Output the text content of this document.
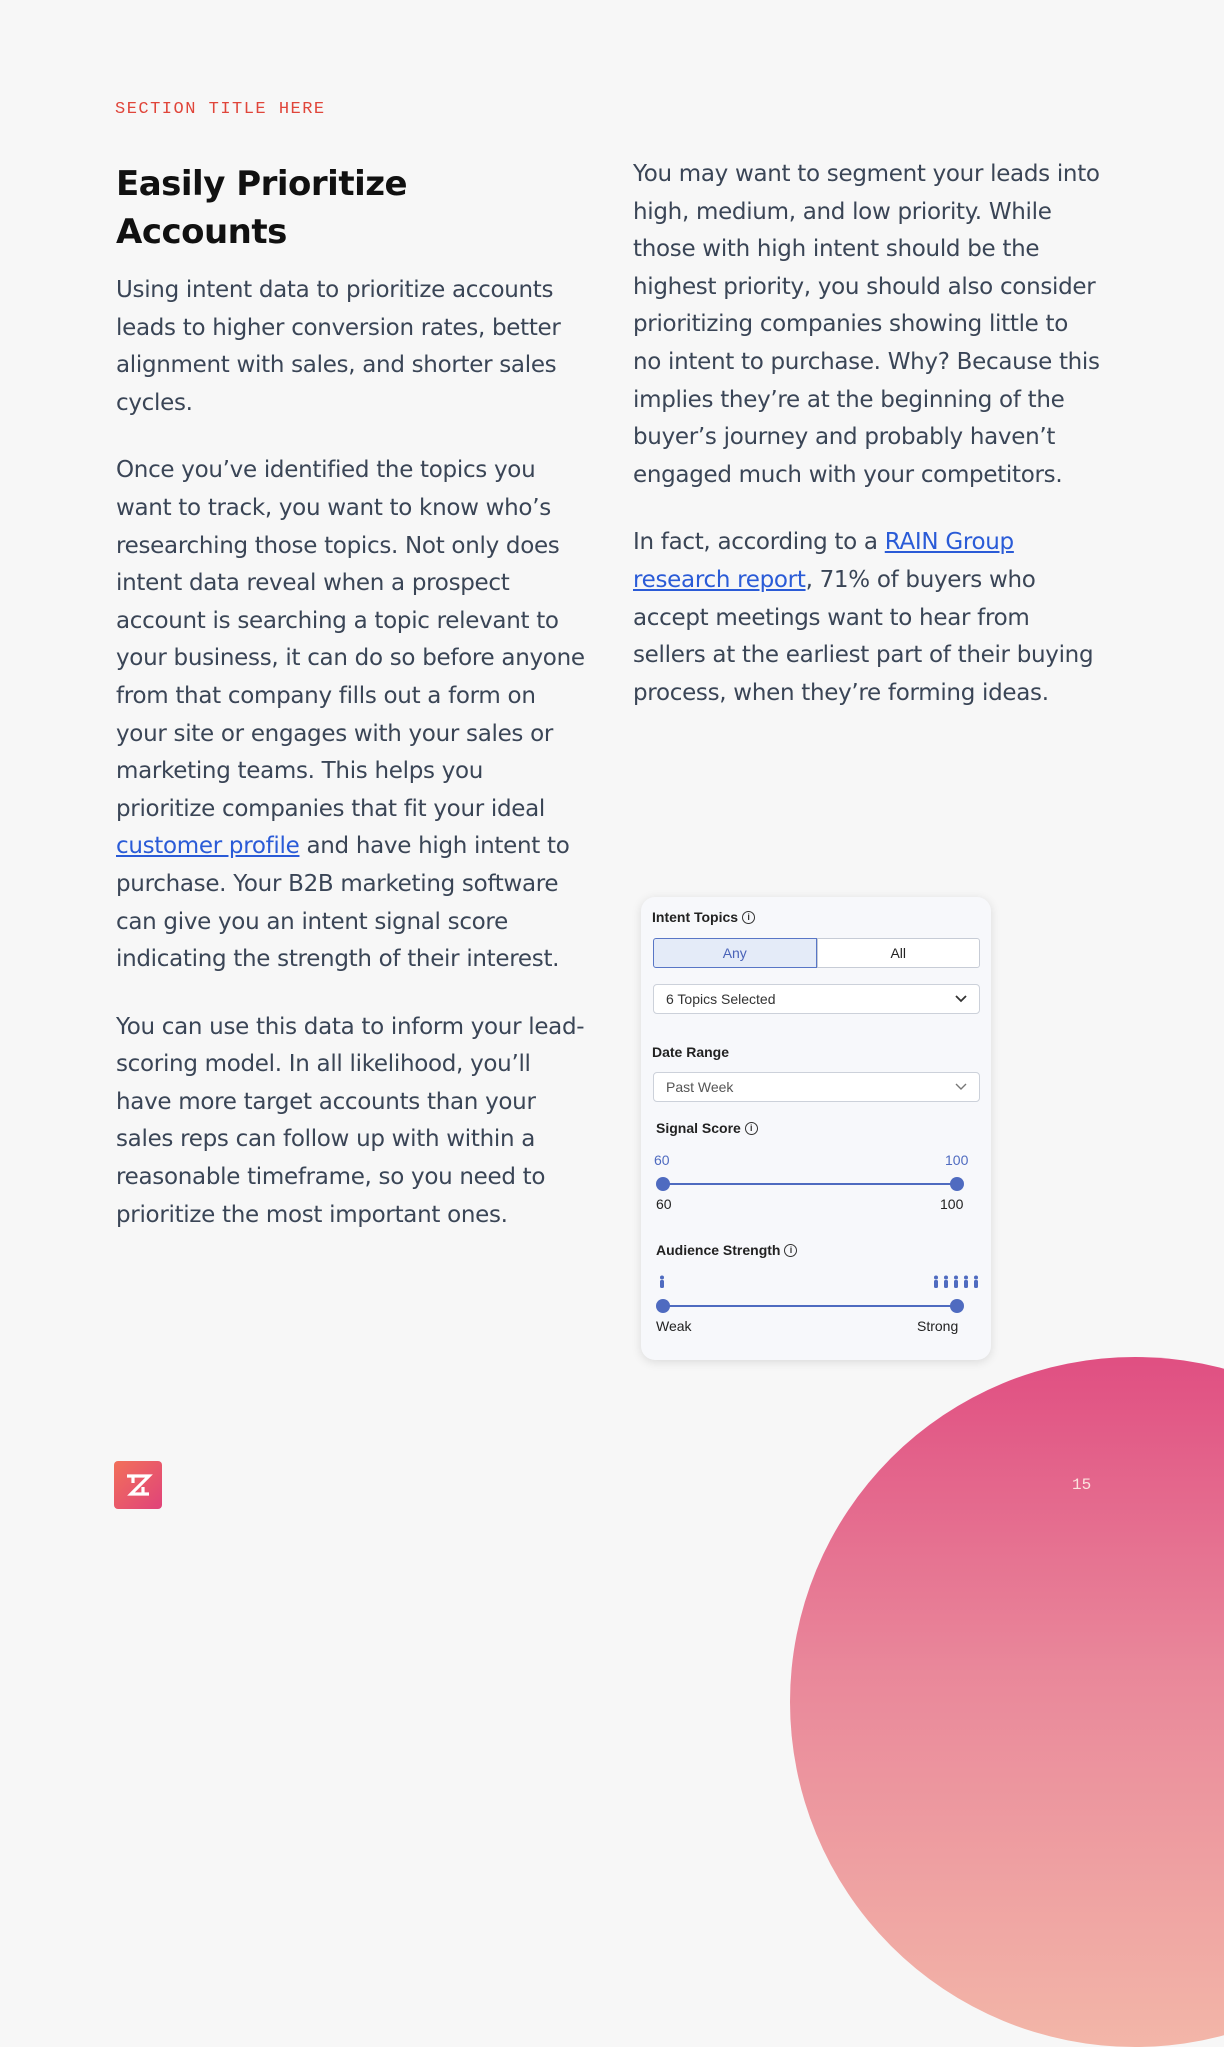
SECTION TITLE HERE
Easily Prioritize Accounts

Using intent data to prioritize accounts leads to higher conversion rates, better alignment with sales, and shorter sales cycles.

Once you’ve identified the topics you want to track, you want to know who’s researching those topics. Not only does intent data reveal when a prospect account is searching a topic relevant to your business, it can do so before anyone from that company fills out a form on your site or engages with your sales or marketing teams. This helps you prioritize companies that fit your ideal customer profile and have high intent to purchase. Your B2B marketing software can give you an intent signal score indicating the strength of their interest.

You can use this data to inform your lead-scoring model. In all likelihood, you’ll have more target accounts than your sales reps can follow up with within a reasonable timeframe, so you need to prioritize the most important ones.

You may want to segment your leads into high, medium, and low priority. While those with high intent should be the highest priority, you should also consider prioritizing companies showing little to no intent to purchase. Why? Because this implies they’re at the beginning of the buyer’s journey and probably haven’t engaged much with your competitors.

In fact, according to a RAIN Group research report, 71% of buyers who accept meetings want to hear from sellers at the earliest part of their buying process, when they’re forming ideas.

Intent Topics	i
Any	All
6 Topics Selected
Date Range
Past Week
Signal Score	i
60	100
60	100
Audience Strength	i
Weak	Strong
15
